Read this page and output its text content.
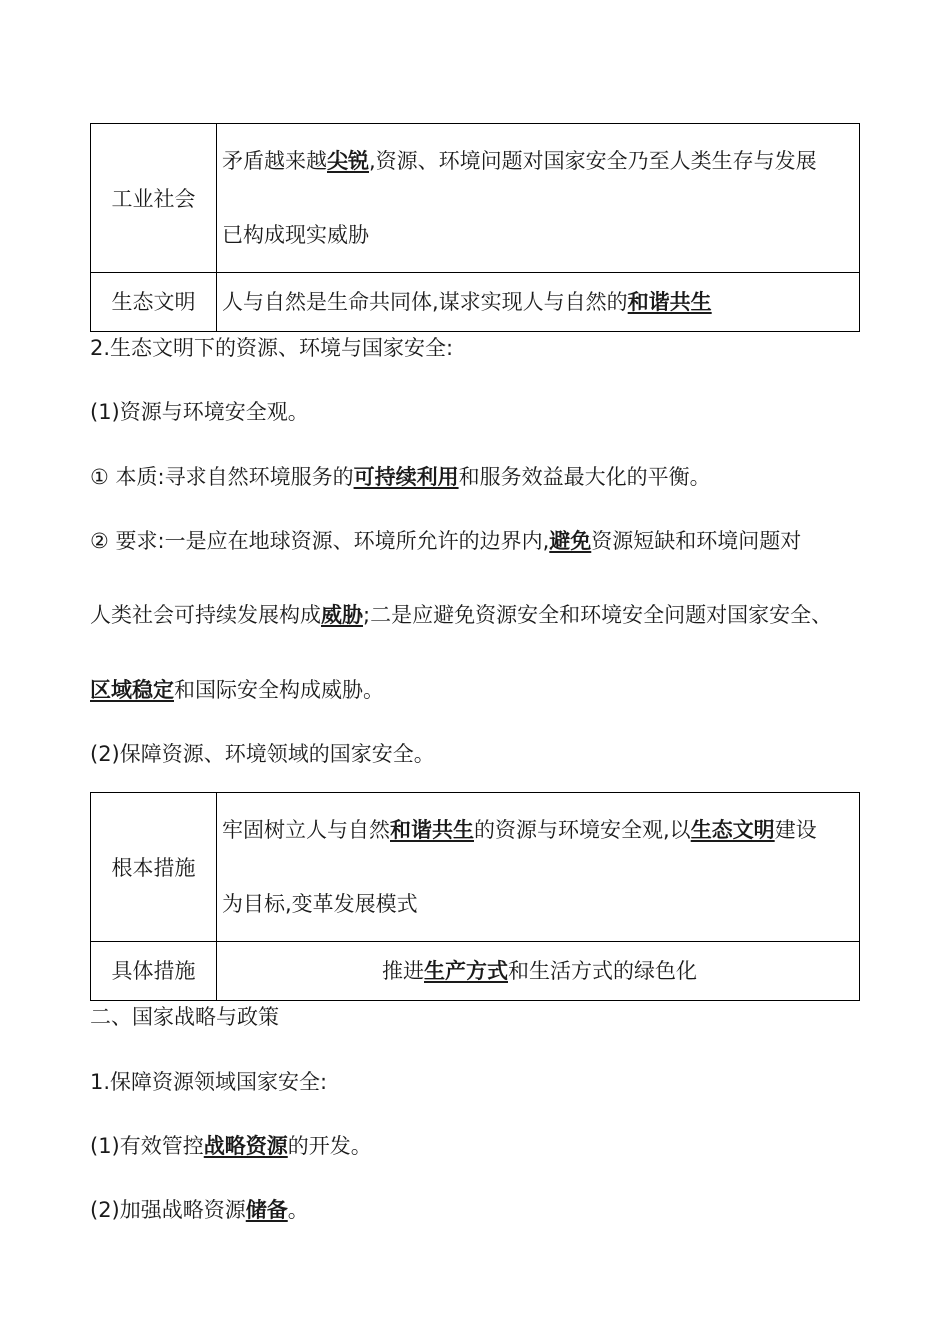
工业社会	矛盾越来越尖锐,资源、环境问题对国家安全乃至人类生存与发展
已构成现实威胁

生态文明	人与自然是生命共同体,谋求实现人与自然的和谐共生
2.生态文明下的资源、环境与国家安全:
(1)资源与环境安全观。
① 本质:寻求自然环境服务的可持续利用和服务效益最大化的平衡。
② 要求:一是应在地球资源、环境所允许的边界内,避免资源短缺和环境问题对
人类社会可持续发展构成威胁;二是应避免资源安全和环境安全问题对国家安全、
区域稳定和国际安全构成威胁。
(2)保障资源、环境领域的国家安全。
根本措施	牢固树立人与自然和谐共生的资源与环境安全观,以生态文明建设
为目标,变革发展模式

具体措施	推进生产方式和生活方式的绿色化
二、国家战略与政策
1.保障资源领域国家安全:
(1)有效管控战略资源的开发。
(2)加强战略资源储备。
